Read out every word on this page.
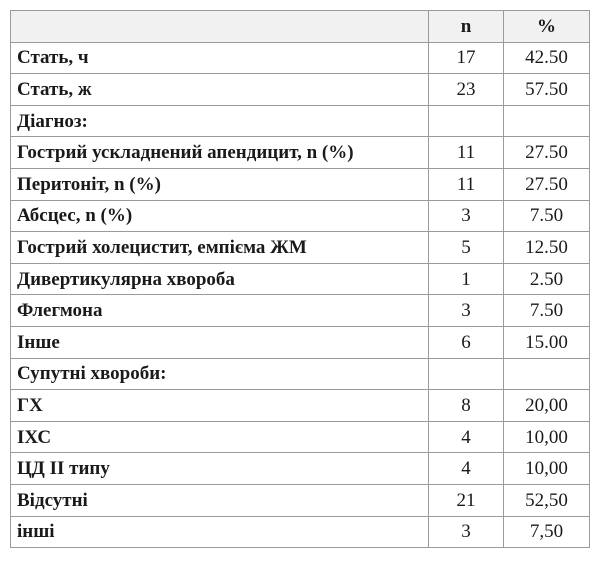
	n	%
Стать, ч	17	42.50
Стать, ж	23	57.50
Діагноз:		
Гострий ускладнений апендицит, n (%)	11	27.50
Перитоніт, n (%)	11	27.50
Абсцес, n (%)	3	7.50
Гострий холецистит, емпієма ЖМ	5	12.50
Дивертикулярна хвороба	1	2.50
Флегмона	3	7.50
Інше	6	15.00
Супутні хвороби:		
ГХ	8	20,00
ІХС	4	10,00
ЦД ІІ типу	4	10,00
Відсутні	21	52,50
інші	3	7,50
